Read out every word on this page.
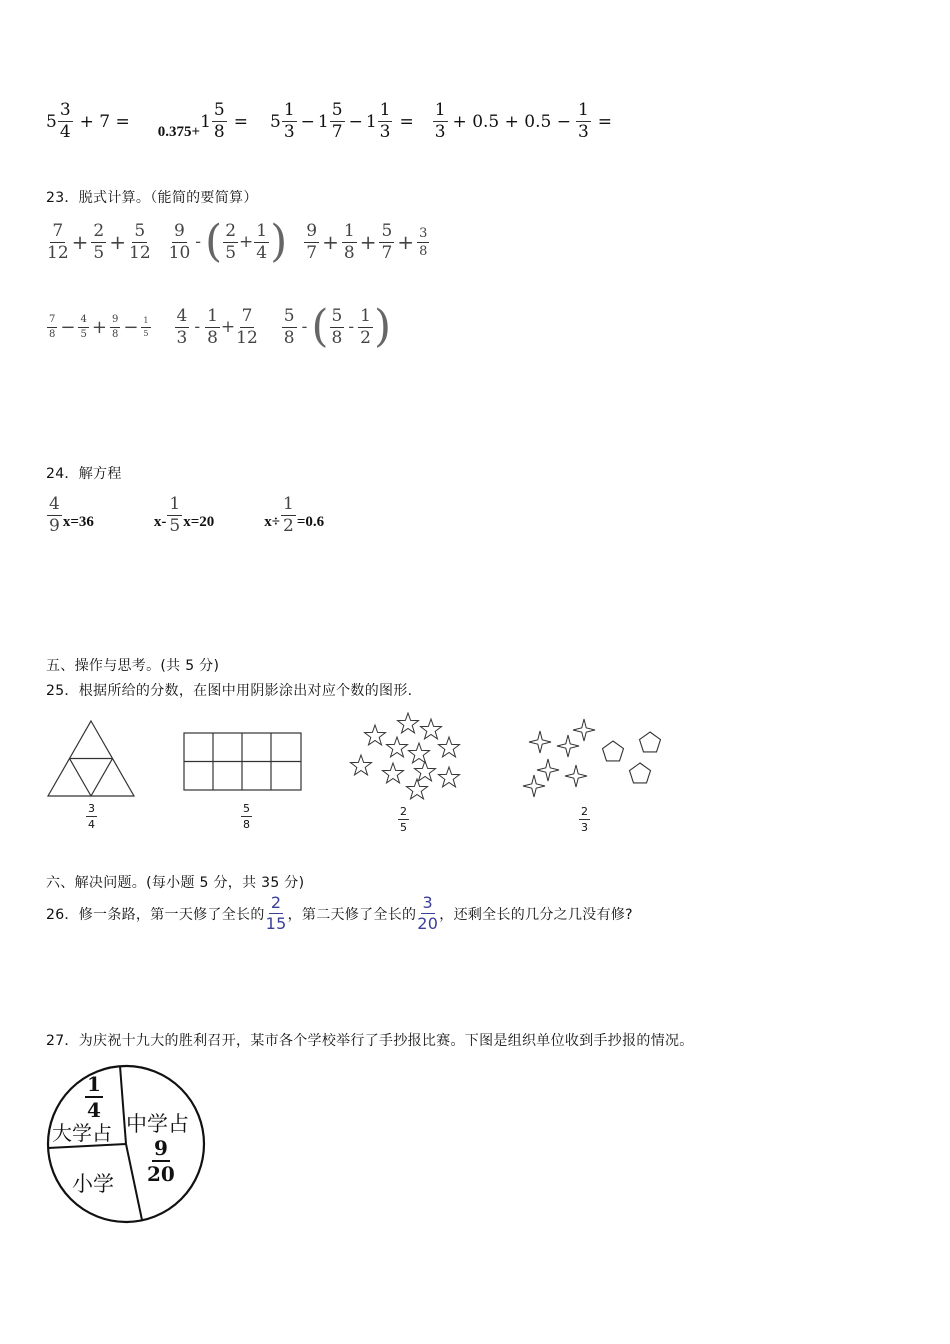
$5 \frac{3}{4} + 7$ =
0.375+
$1 \frac{5}{8} = 5 \frac{1}{3} - 1 \frac{5}{7} - 1 \frac{1}{3} = \frac{1}{3} + 0.5 + 0.5 - \frac{1}{3}$ =
23．脱式计算。（能简的要简算）
$\frac{7}{12} + \frac{2}{5} + \frac{5}{12} \frac{9}{10}$ - ( $\frac{2}{5} + \frac{1}{4}$ ) $\frac{9}{7} + \frac{1}{8} + \frac{5}{7} + \frac{3}{8}$
$\frac{7}{8} - \frac{4}{5} + \frac{9}{8} - \frac{1}{5} \frac{4}{3} - \frac{1}{8} + \frac{7}{12} \frac{5}{8}$ - ( $\frac{5}{8} - \frac{1}{2}$ )
24．解方程
$\frac{4}{9} x=36$	$x- \frac{1}{5} x=20$	$x\div \frac{1}{2} =0.6$
五、操作与思考。(共 5 分)
25．根据所给的分数，在图中用阴影涂出对应个数的图形.
$\frac{3}{4}$	$\frac{5}{8}$	$\frac{2}{5}$	$\frac{2}{3}$
六、解决问题。(每小题 5 分，共 35 分)
26．修一条路，第一天修了全长的 $\frac{2}{15}$ ，第二天修了全长的 $\frac{3}{20}$ ，还剩全长的几分之几没有修?
27．为庆祝十九大的胜利召开，某市各个学校举行了手抄报比赛。下图是组织单位收到手抄报的情况。
$\frac{1}{4}$
大学占 中学占
$\frac{9}{20}$
小学
